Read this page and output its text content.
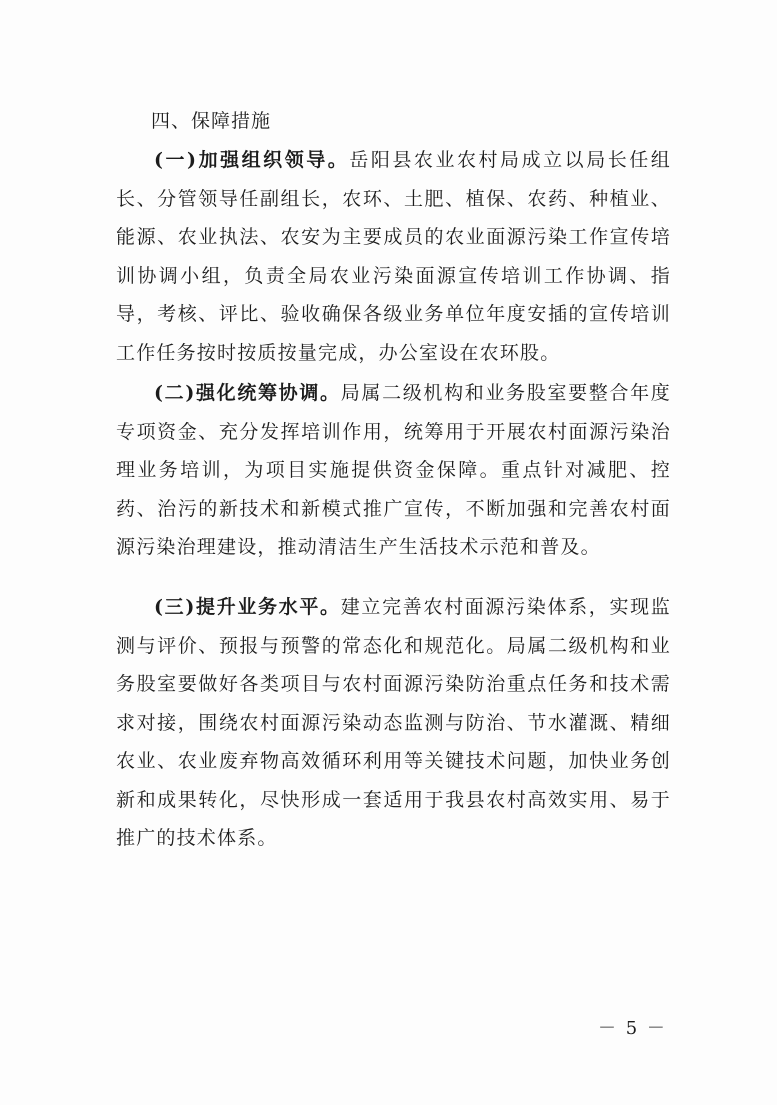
四、保障措施

(一)加强组织领导。岳阳县农业农村局成立以局长任组长、分管领导任副组长，农环、土肥、植保、农药、种植业、能源、农业执法、农安为主要成员的农业面源污染工作宣传培训协调小组，负责全局农业污染面源宣传培训工作协调、指导，考核、评比、验收确保各级业务单位年度安插的宣传培训工作任务按时按质按量完成，办公室设在农环股。

(二)强化统筹协调。局属二级机构和业务股室要整合年度专项资金、充分发挥培训作用，统筹用于开展农村面源污染治理业务培训，为项目实施提供资金保障。重点针对减肥、控药、治污的新技术和新模式推广宣传，不断加强和完善农村面源污染治理建设，推动清洁生产生活技术示范和普及。

(三)提升业务水平。建立完善农村面源污染体系，实现监测与评价、预报与预警的常态化和规范化。局属二级机构和业务股室要做好各类项目与农村面源污染防治重点任务和技术需求对接，围绕农村面源污染动态监测与防治、节水灌溉、精细农业、农业废弃物高效循环利用等关键技术问题，加快业务创新和成果转化，尽快形成一套适用于我县农村高效实用、易于推广的技术体系。

－ 5 －
